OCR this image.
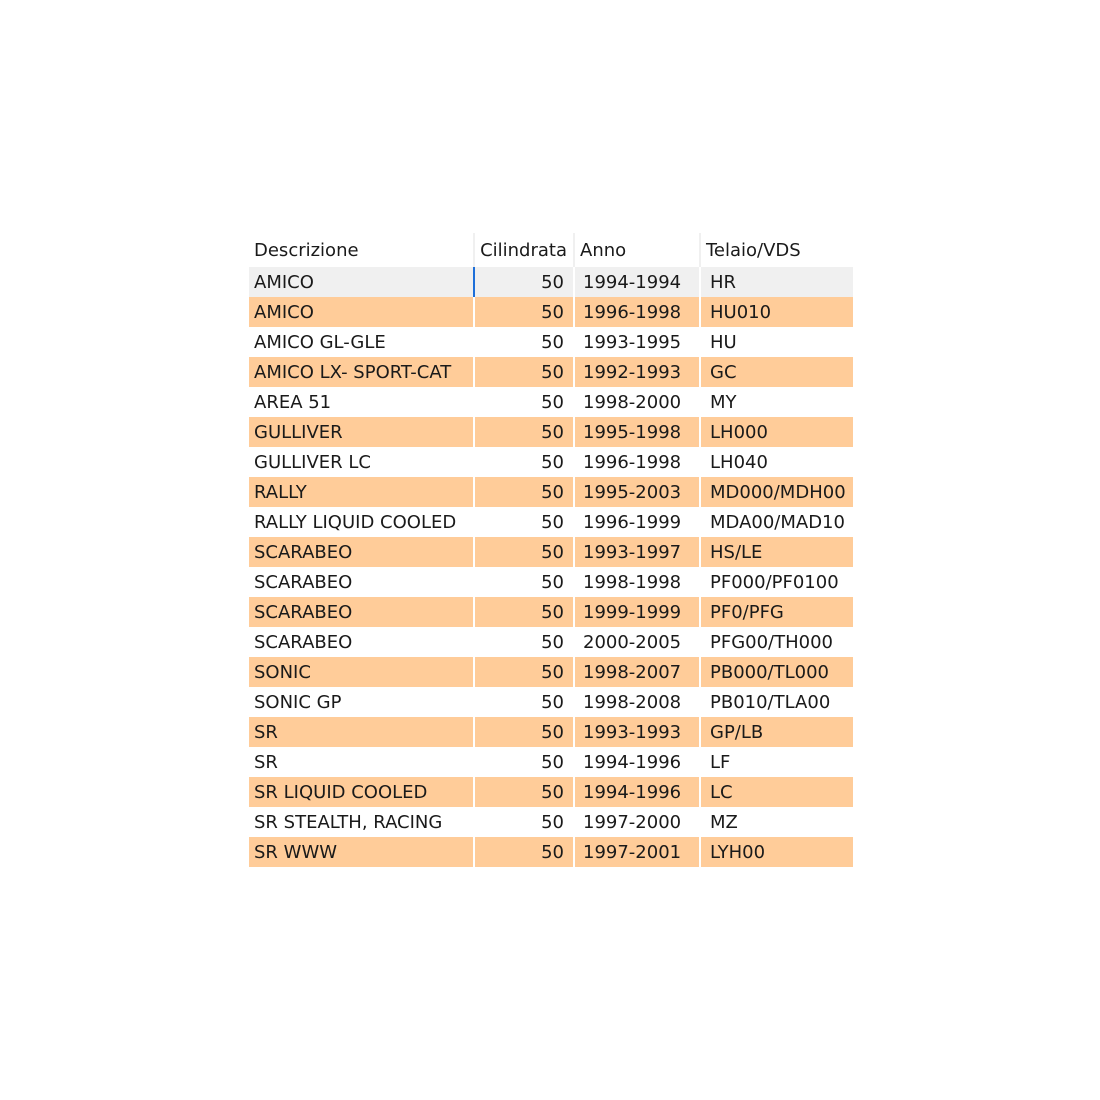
Descrizione	Cilindrata	Anno	Telaio/VDS
AMICO	50	1994-1994	HR
AMICO	50	1996-1998	HU010
AMICO GL-GLE	50	1993-1995	HU
AMICO LX- SPORT-CAT	50	1992-1993	GC
AREA 51	50	1998-2000	MY
GULLIVER	50	1995-1998	LH000
GULLIVER LC	50	1996-1998	LH040
RALLY	50	1995-2003	MD000/MDH00
RALLY LIQUID COOLED	50	1996-1999	MDA00/MAD10
SCARABEO	50	1993-1997	HS/LE
SCARABEO	50	1998-1998	PF000/PF0100
SCARABEO	50	1999-1999	PF0/PFG
SCARABEO	50	2000-2005	PFG00/TH000
SONIC	50	1998-2007	PB000/TL000
SONIC GP	50	1998-2008	PB010/TLA00
SR	50	1993-1993	GP/LB
SR	50	1994-1996	LF
SR LIQUID COOLED	50	1994-1996	LC
SR STEALTH, RACING	50	1997-2000	MZ
SR WWW	50	1997-2001	LYH00
